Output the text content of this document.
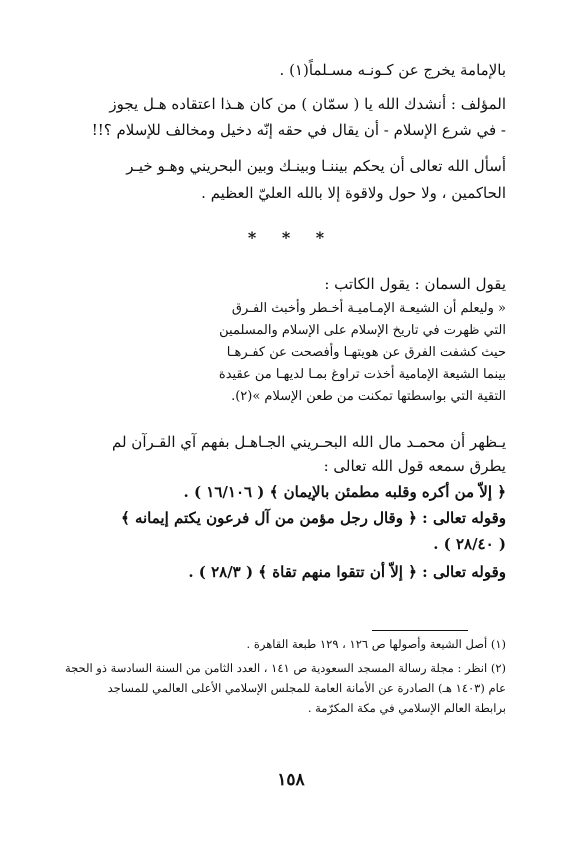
بالإمامة يخرج عن كـونـه مسـلماً(١) .

المؤلف : أنشدك الله يا ( سمّان ) من كان هـذا اعتقاده هـل يجوز

- في شرع الإسلام - أن يقال في حقه إنّه دخيل ومخالف للإسلام ؟!!

أسأل الله تعالى أن يحكم بيننـا وبينـك وبين البحريني وهـو خيـر

الحاكمين ، ولا حول ولاقوة إلا بالله العليّ العظيم .

* * *

يقول السمان : يقول الكاتب :

« وليعلم أن الشيعـة الإمـاميـة أخـطر وأخبث الفـرق

التي ظهرت في تاريخ الإسلام على الإسلام والمسلمين

حيث كشفت الفرق عن هويتهـا وأفصحت عن كفـرهـا

بينما الشيعة الإمامية أخذت تراوغ بمـا لديهـا من عقيدة

التقية التي بواسطتها تمكنت من طعن الإسلام »(٢).

يـظهر أن محمـد مال الله البحـريني الجـاهـل بفهم آي القـرآن لم

يطرق سمعه قول الله تعالى :

﴿ إلاّ من أكره وقلبه مطمئن بالإيمان ﴾ ( ١٦/١٠٦ ) .

وقوله تعالى : ﴿ وقال رجل مؤمن من آل فرعون يكتم إيمانه ﴾

( ٢٨/٤٠ ) .

وقوله تعالى : ﴿ إلاّ أن تتقوا منهم تقاة ﴾ ( ٢٨/٣ ) .

(١) أصل الشيعة وأصولها ص ١٢٦ ، ١٢٩ طبعة القاهرة .

(٢) انظر : مجلة رسالة المسجد السعودية ص ١٤١ ، العدد الثامن من السنة السادسة ذو الحجة

عام (١٤٠٣ هـ) الصادرة عن الأمانة العامة للمجلس الإسلامي الأعلى العالمي للمساجد

برابطة العالم الإسلامي في مكة المكرّمة .

١٥٨
